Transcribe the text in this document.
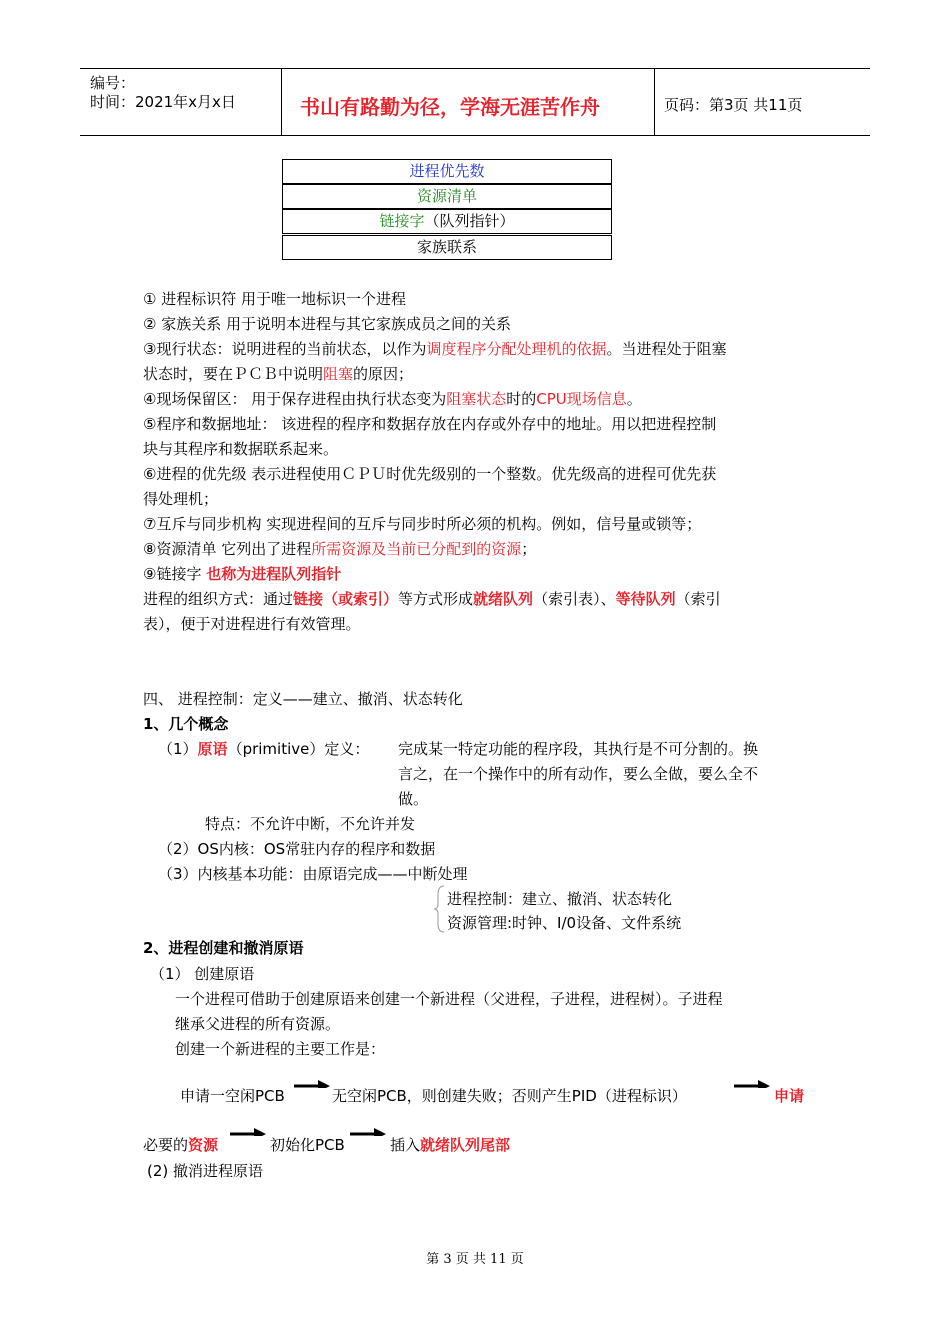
编号：
时间：2021年x月x日	书山有路勤为径，学海无涯苦作舟	页码：第3页 共11页
进程优先数
资源清单
链接字（队列指针）
家族联系
① 进程标识符 用于唯一地标识一个进程
② 家族关系 用于说明本进程与其它家族成员之间的关系
③现行状态：说明进程的当前状态，以作为调度程序分配处理机的依据。当进程处于阻塞
状态时，要在ＰＣＢ中说明阻塞的原因；
④现场保留区： 用于保存进程由执行状态变为阻塞状态时的CPU现场信息。
⑤程序和数据地址： 该进程的程序和数据存放在内存或外存中的地址。用以把进程控制
块与其程序和数据联系起来。
⑥进程的优先级 表示进程使用ＣＰＵ时优先级别的一个整数。优先级高的进程可优先获
得处理机；
⑦互斥与同步机构 实现进程间的互斥与同步时所必须的机构。例如，信号量或锁等；
⑧资源清单 它列出了进程所需资源及当前已分配到的资源；
⑨链接字 也称为进程队列指针
进程的组织方式：通过链接（或索引）等方式形成就绪队列（索引表）、等待队列（索引
表），便于对进程进行有效管理。
四、 进程控制：定义——建立、撤消、状态转化
1、几个概念
（1）原语（primitive）定义： 完成某一特定功能的程序段，其执行是不可分割的。换
言之，在一个操作中的所有动作，要么全做，要么全不
做。
特点：不允许中断，不允许并发
（2）OS内核：OS常驻内存的程序和数据
（3）内核基本功能：由原语完成——中断处理
进程控制：建立、撤消、状态转化
资源管理:时钟、I/0设备、文件系统
2、进程创建和撤消原语
（1） 创建原语
一个进程可借助于创建原语来创建一个新进程（父进程，子进程，进程树）。子进程
继承父进程的所有资源。
创建一个新进程的主要工作是：
申请一空闲PCB	无空闲PCB，则创建失败；否则产生PID（进程标识）	申请
必要的资源	初始化PCB	插入就绪队列尾部
(2) 撤消进程原语
第 3 页 共 11 页
